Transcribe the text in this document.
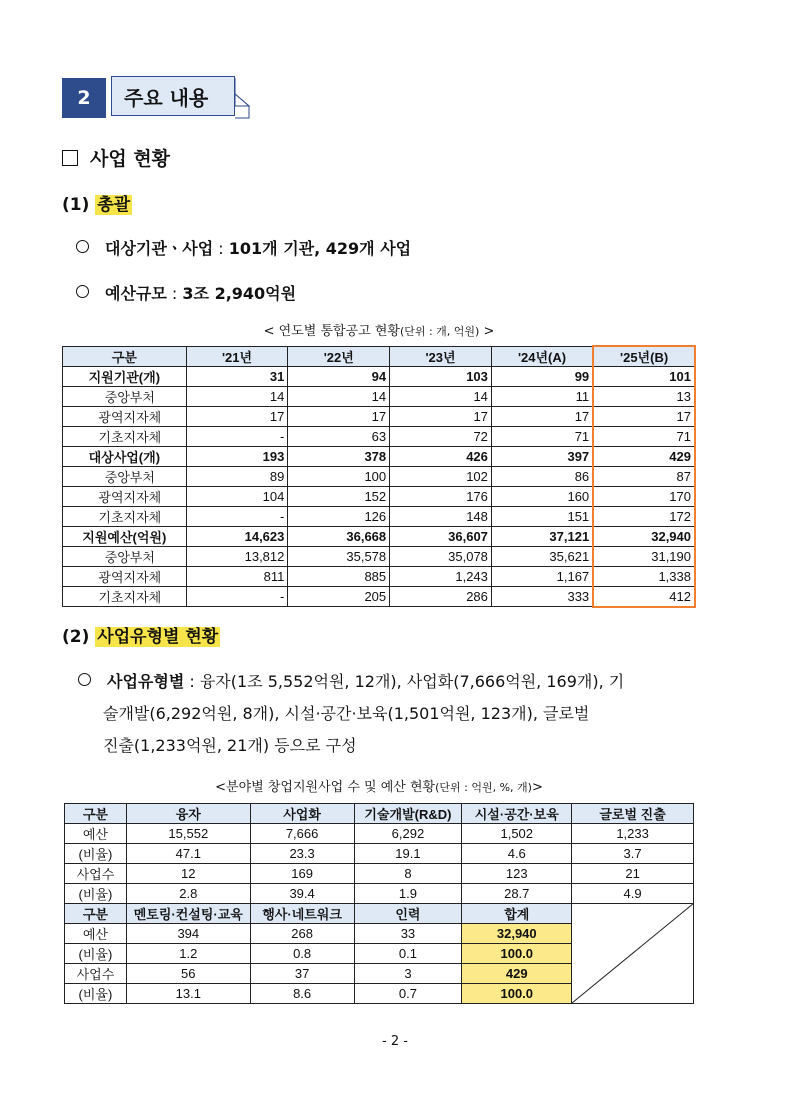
2	주요 내용
사업 현황
(1) 총괄
대상기관ㆍ사업 : 101개 기관, 429개 사업
예산규모 : 3조 2,940억원
< 연도별 통합공고 현황(단위 : 개, 억원) >
구분	'21년	'22년	'23년	'24년(A)	'25년(B)
지원기관(개)	31	94	103	99	101
중앙부처	14	14	14	11	13
광역지자체	17	17	17	17	17
기초지자체	-	63	72	71	71
대상사업(개)	193	378	426	397	429
중앙부처	89	100	102	86	87
광역지자체	104	152	176	160	170
기초지자체	-	126	148	151	172
지원예산(억원)	14,623	36,668	36,607	37,121	32,940
중앙부처	13,812	35,578	35,078	35,621	31,190
광역지자체	811	885	1,243	1,167	1,338
기초지자체	-	205	286	333	412
(2) 사업유형별 현황
사업유형별 : 융자(1조 5,552억원, 12개), 사업화(7,666억원, 169개), 기
술개발(6,292억원, 8개), 시설·공간·보육(1,501억원, 123개), 글로벌
진출(1,233억원, 21개) 등으로 구성
<분야별 창업지원사업 수 및 예산 현황(단위 : 억원, %, 개)>
구분	융자	사업화	기술개발(R&D)	시설·공간·보육	글로벌 진출
예산	15,552	7,666	6,292	1,502	1,233
(비율)	47.1	23.3	19.1	4.6	3.7
사업수	12	169	8	123	21
(비율)	2.8	39.4	1.9	28.7	4.9
구분	멘토링·컨설팅·교육	행사·네트워크	인력	합계	

예산	394	268	33	32,940	
(비율)	1.2	0.8	0.1	100.0	
사업수	56	37	3	429	
(비율)	13.1	8.6	0.7	100.0	
- 2 -
